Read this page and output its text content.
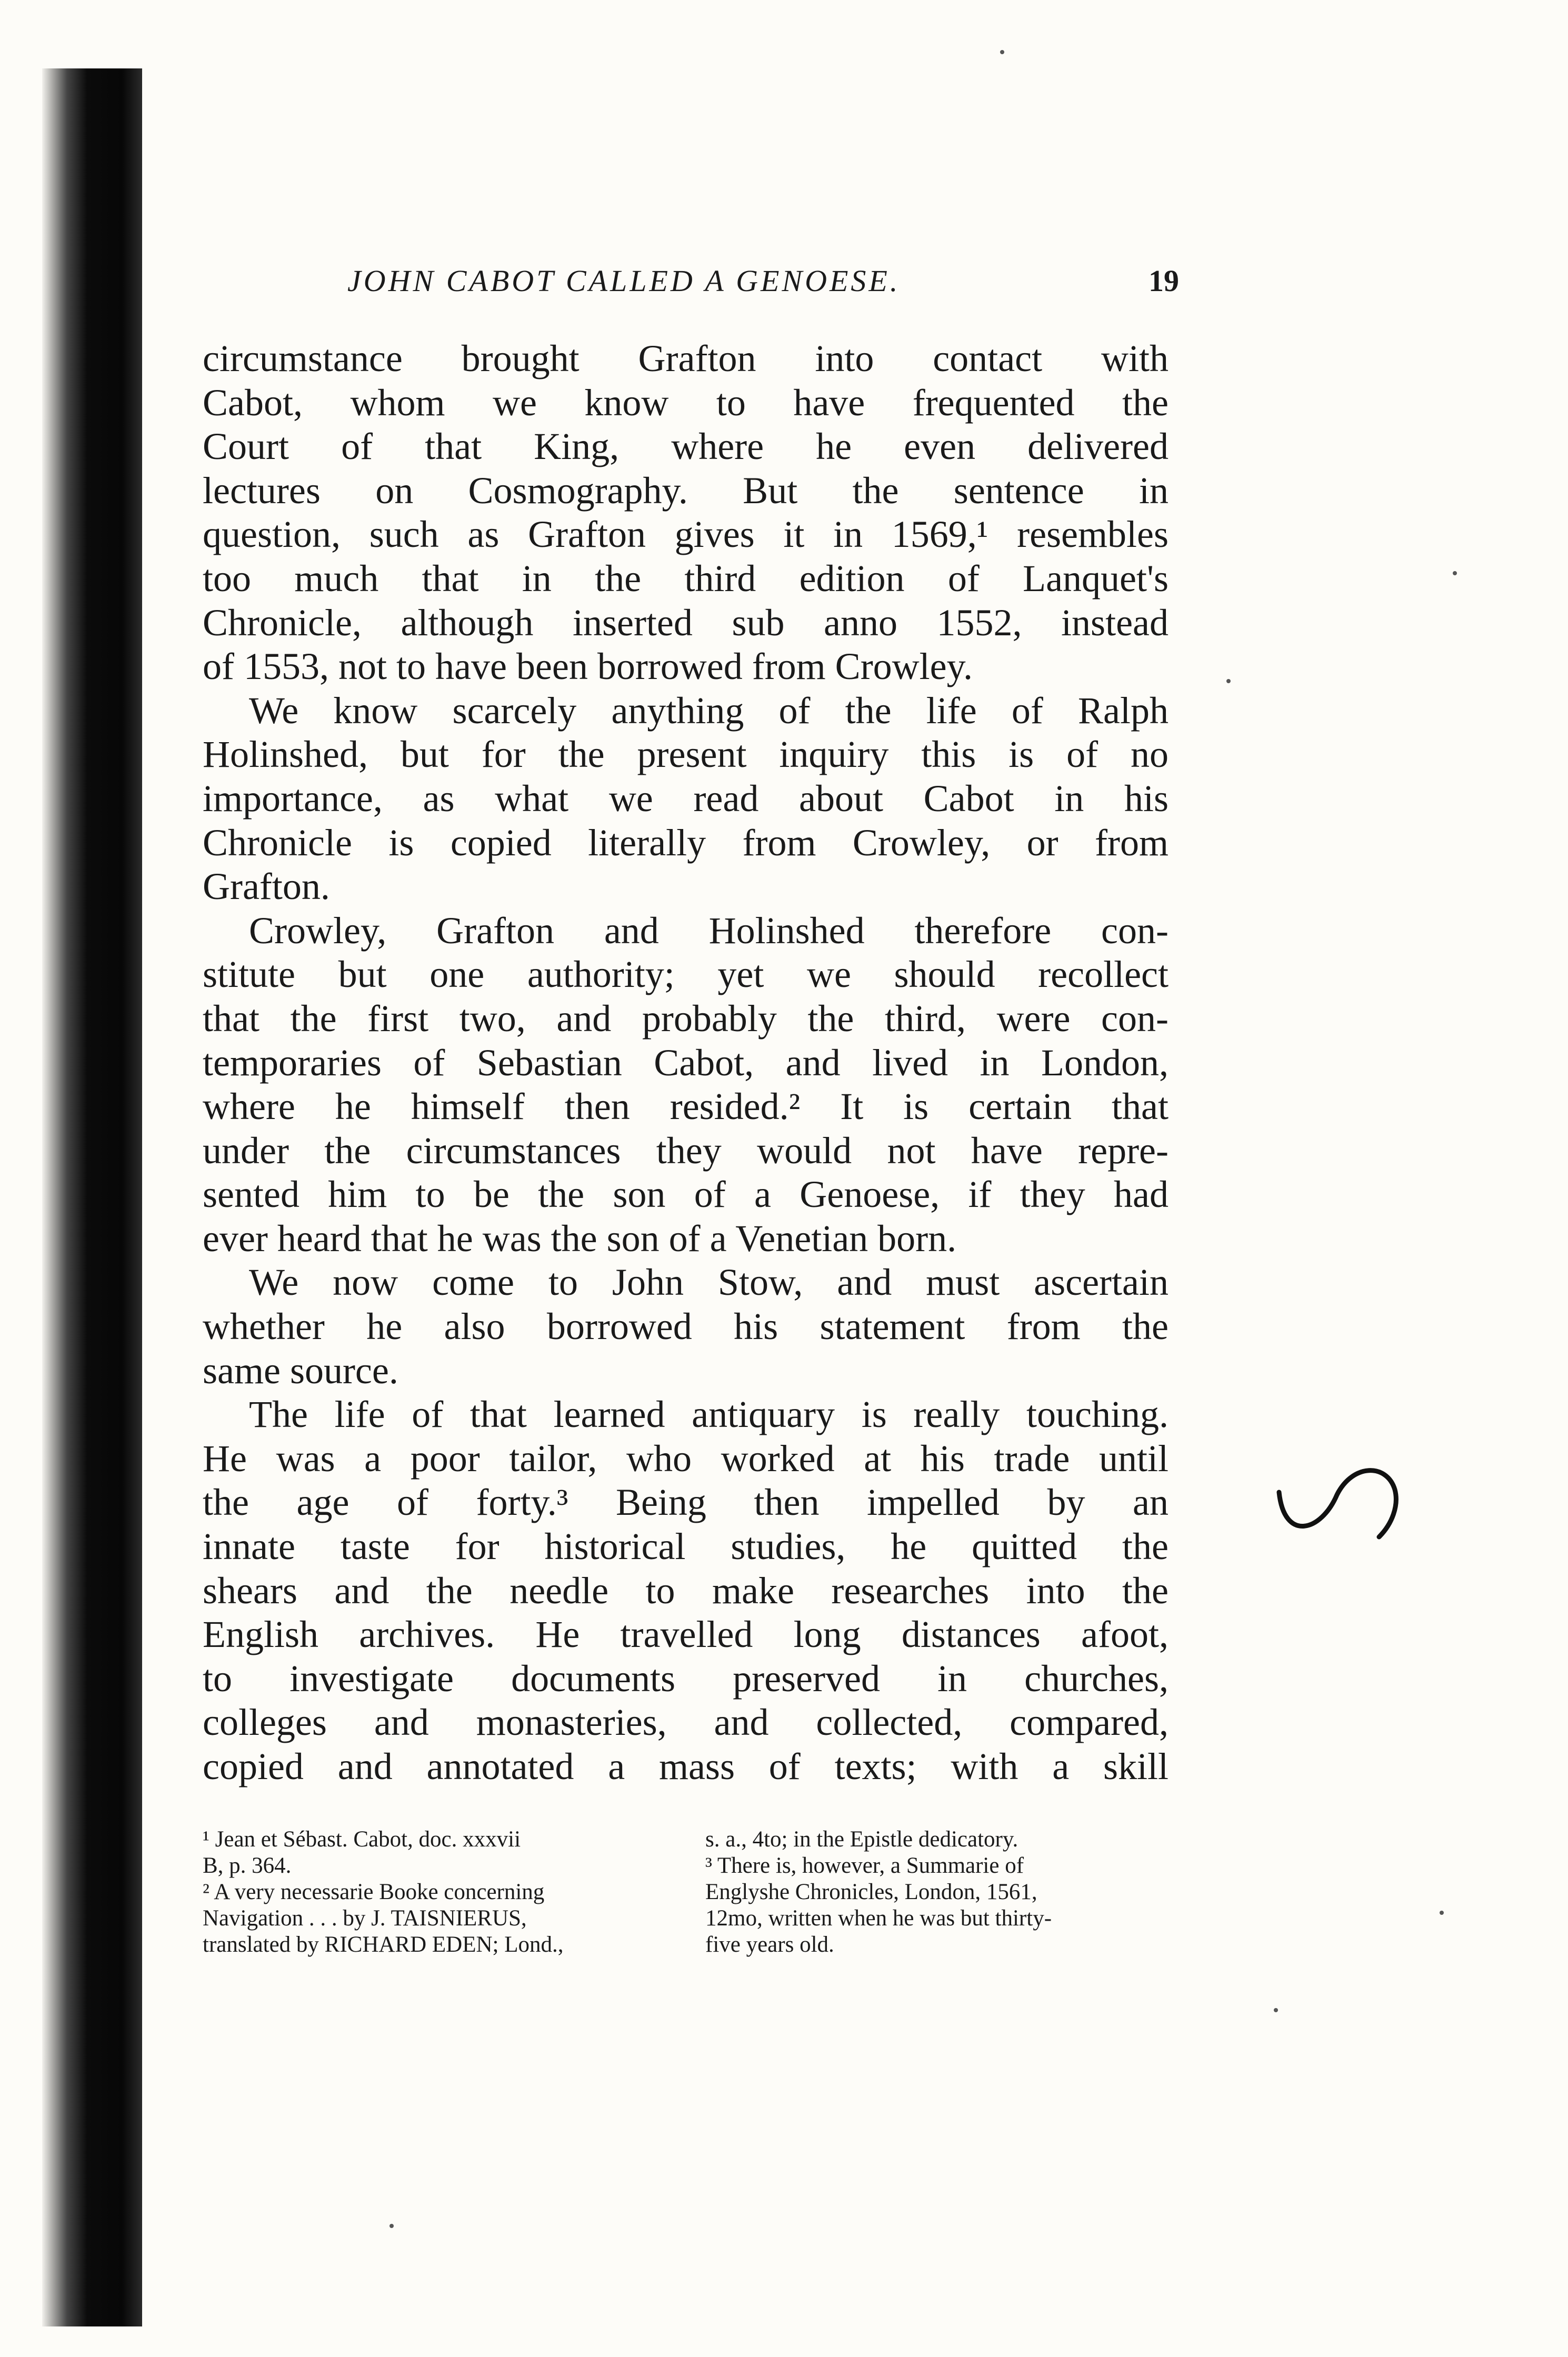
JOHN CABOT CALLED A GENOESE.	19
circumstance brought Grafton into contact with
Cabot, whom we know to have frequented the
Court of that King, where he even delivered
lectures on Cosmography. But the sentence in
question, such as Grafton gives it in 1569,¹ resembles
too much that in the third edition of Lanquet's
Chronicle, although inserted sub anno 1552, instead
of 1553, not to have been borrowed from Crowley.
We know scarcely anything of the life of Ralph
Holinshed, but for the present inquiry this is of no
importance, as what we read about Cabot in his
Chronicle is copied literally from Crowley, or from
Grafton.
Crowley, Grafton and Holinshed therefore con-
stitute but one authority; yet we should recollect
that the first two, and probably the third, were con-
temporaries of Sebastian Cabot, and lived in London,
where he himself then resided.² It is certain that
under the circumstances they would not have repre-
sented him to be the son of a Genoese, if they had
ever heard that he was the son of a Venetian born.
We now come to John Stow, and must ascertain
whether he also borrowed his statement from the
same source.
The life of that learned antiquary is really touching.
He was a poor tailor, who worked at his trade until
the age of forty.³ Being then impelled by an
innate taste for historical studies, he quitted the
shears and the needle to make researches into the
English archives. He travelled long distances afoot,
to investigate documents preserved in churches,
colleges and monasteries, and collected, compared,
copied and annotated a mass of texts; with a skill
¹ Jean et Sébast. Cabot, doc. xxxvii
B, p. 364.
² A very necessarie Booke concerning
Navigation . . . by J. TAISNIERUS,
translated by RICHARD EDEN; Lond.,
s. a., 4to; in the Epistle dedicatory.
³ There is, however, a Summarie of
Englyshe Chronicles, London, 1561,
12mo, written when he was but thirty-
five years old.
